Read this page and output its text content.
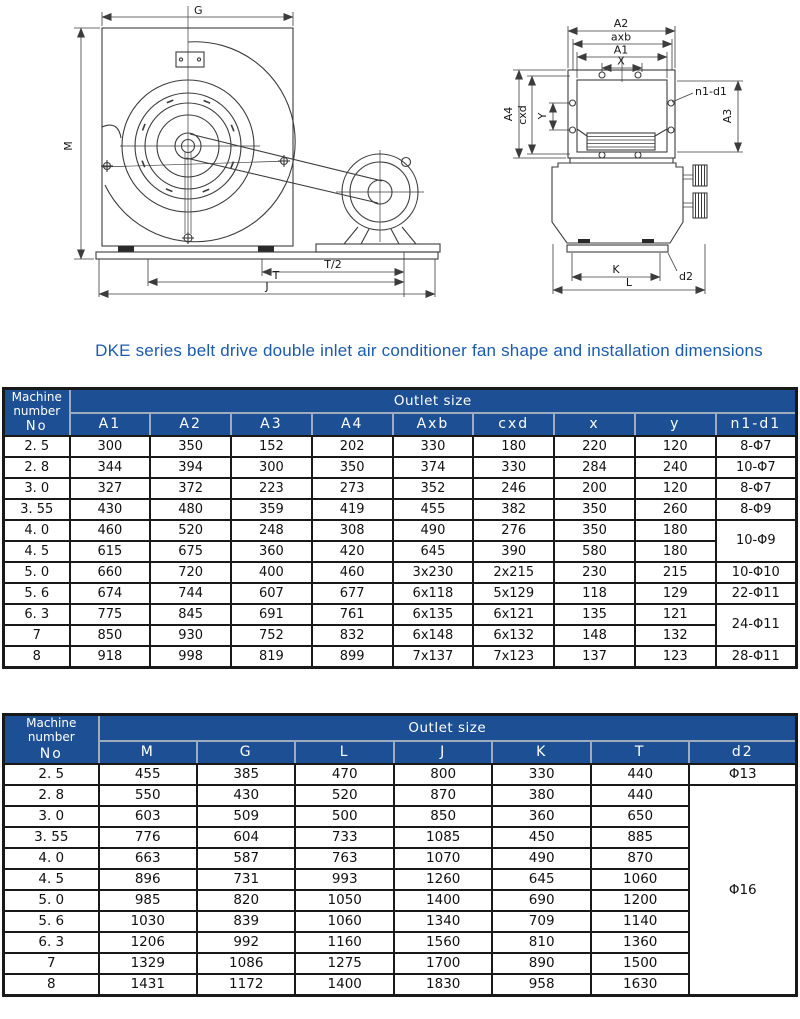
G
M
T/2
T
J
A2
axb
A1
X
A4 cxd Y	A3
n1-d1
K
L	d2
DKE series belt drive double inlet air conditioner fan shape and installation dimensions
Machine
number
No	Outlet size								
	A1	A2	A3	A4	Axb	cxd	x	y	n1-d1
2. 5	300	350	152	202	330	180	220	120	8-Φ7
2. 8	344	394	300	350	374	330	284	240	10-Φ7
3. 0	327	372	223	273	352	246	200	120	8-Φ7
3. 55	430	480	359	419	455	382	350	260	8-Φ9
4. 0	460	520	248	308	490	276	350	180	10-Φ9
4. 5	615	675	360	420	645	390	580	180	
5. 0	660	720	400	460	3x230	2x215	230	215	10-Φ10
5. 6	674	744	607	677	6x118	5x129	118	129	22-Φ11
6. 3	775	845	691	761	6x135	6x121	135	121	24-Φ11
7	850	930	752	832	6x148	6x132	148	132	
8	918	998	819	899	7x137	7x123	137	123	28-Φ11
Machine number
No	Outlet size						
	M	G	L	J	K	T	d2
2. 5	455	385	470	800	330	440	Φ13
2. 8	550	430	520	870	380	440	Φ16
3. 0	603	509	500	850	360	650	
3. 55	776	604	733	1085	450	885	
4. 0	663	587	763	1070	490	870	
4. 5	896	731	993	1260	645	1060	
5. 0	985	820	1050	1400	690	1200	
5. 6	1030	839	1060	1340	709	1140	
6. 3	1206	992	1160	1560	810	1360	
7	1329	1086	1275	1700	890	1500	
8	1431	1172	1400	1830	958	1630	
